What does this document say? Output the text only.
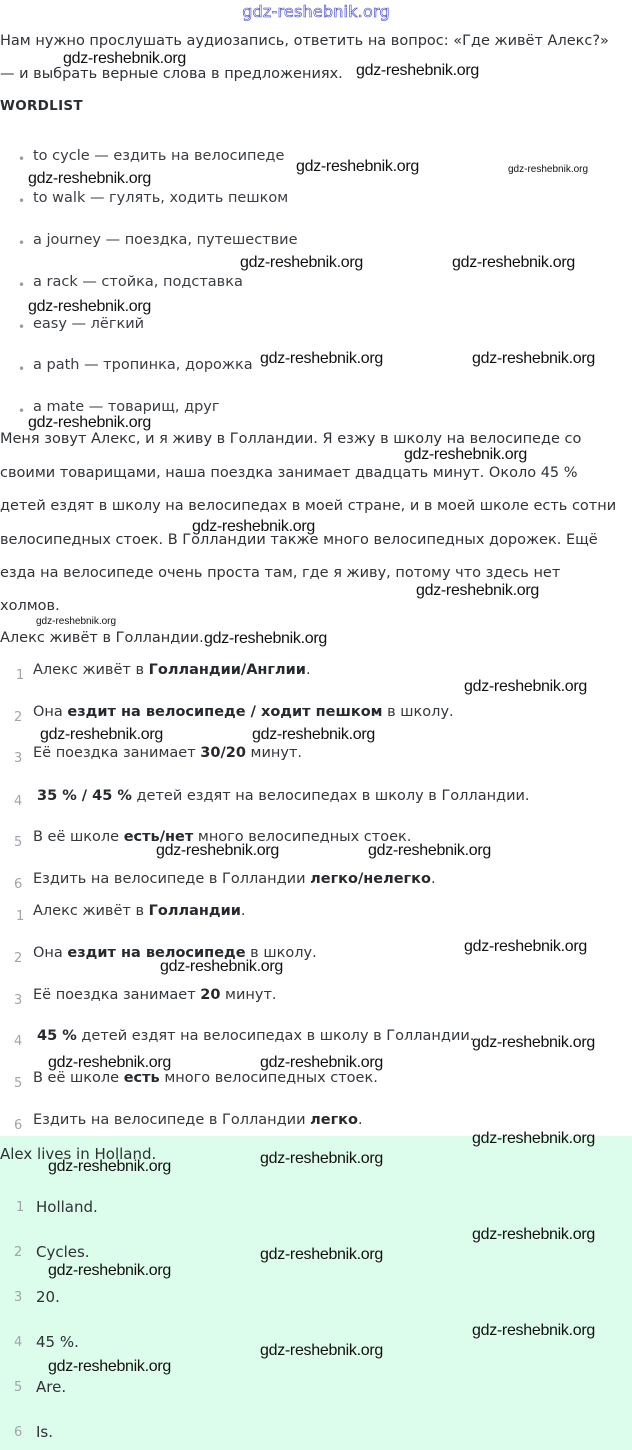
gdz-reshebnik.org
Нам нужно прослушать аудиозапись, ответить на вопрос: «Где живёт Алекс?»
— и выбрать верные слова в предложениях.
WORDLIST
• to cycle — ездить на велосипеде
• to walk — гулять, ходить пешком
• a journey — поездка, путешествие
• a rack — стойка, подставка
• easy — лёгкий
• a path — тропинка, дорожка
• a mate — товарищ, друг
Меня зовут Алекс, и я живу в Голландии. Я езжу в школу на велосипеде со
своими товарищами, наша поездка занимает двадцать минут. Около 45 %
детей ездят в школу на велосипедах в моей стране, и в моей школе есть сотни
велосипедных стоек. В Голландии также много велосипедных дорожек. Ещё
езда на велосипеде очень проста там, где я живу, потому что здесь нет
холмов.
Алекс живёт в Голландии.
1 Алекс живёт в Голландии/Англии.
2 Она ездит на велосипеде / ходит пешком в школу.
3 Её поездка занимает 30/20 минут.
4 35 % / 45 % детей ездят на велосипедах в школу в Голландии.
5 В её школе есть/нет много велосипедных стоек.
6 Ездить на велосипеде в Голландии легко/нелегко.
1 Алекс живёт в Голландии.
2 Она ездит на велосипеде в школу.
3 Её поездка занимает 20 минут.
4 45 % детей ездят на велосипедах в школу в Голландии.
5 В её школе есть много велосипедных стоек.
6 Ездить на велосипеде в Голландии легко.
Alex lives in Holland.
1 Holland.
2 Cycles.
3 20.
4 45 %.
5 Are.
6 Is.
gdz-reshebnik.org
gdz-reshebnik.org
gdz-reshebnik.org	gdz-reshebnik.org
gdz-reshebnik.org
gdz-reshebnik.org	gdz-reshebnik.org
gdz-reshebnik.org
gdz-reshebnik.org	gdz-reshebnik.org
gdz-reshebnik.org
gdz-reshebnik.org
gdz-reshebnik.org
gdz-reshebnik.org
gdz-reshebnik.org
gdz-reshebnik.org
gdz-reshebnik.org
gdz-reshebnik.org	gdz-reshebnik.org
gdz-reshebnik.org	gdz-reshebnik.org
gdz-reshebnik.org
gdz-reshebnik.org
gdz-reshebnik.org
gdz-reshebnik.org	gdz-reshebnik.org
gdz-reshebnik.org
gdz-reshebnik.org
gdz-reshebnik.org
gdz-reshebnik.org
gdz-reshebnik.org
gdz-reshebnik.org
gdz-reshebnik.org
gdz-reshebnik.org
gdz-reshebnik.org
